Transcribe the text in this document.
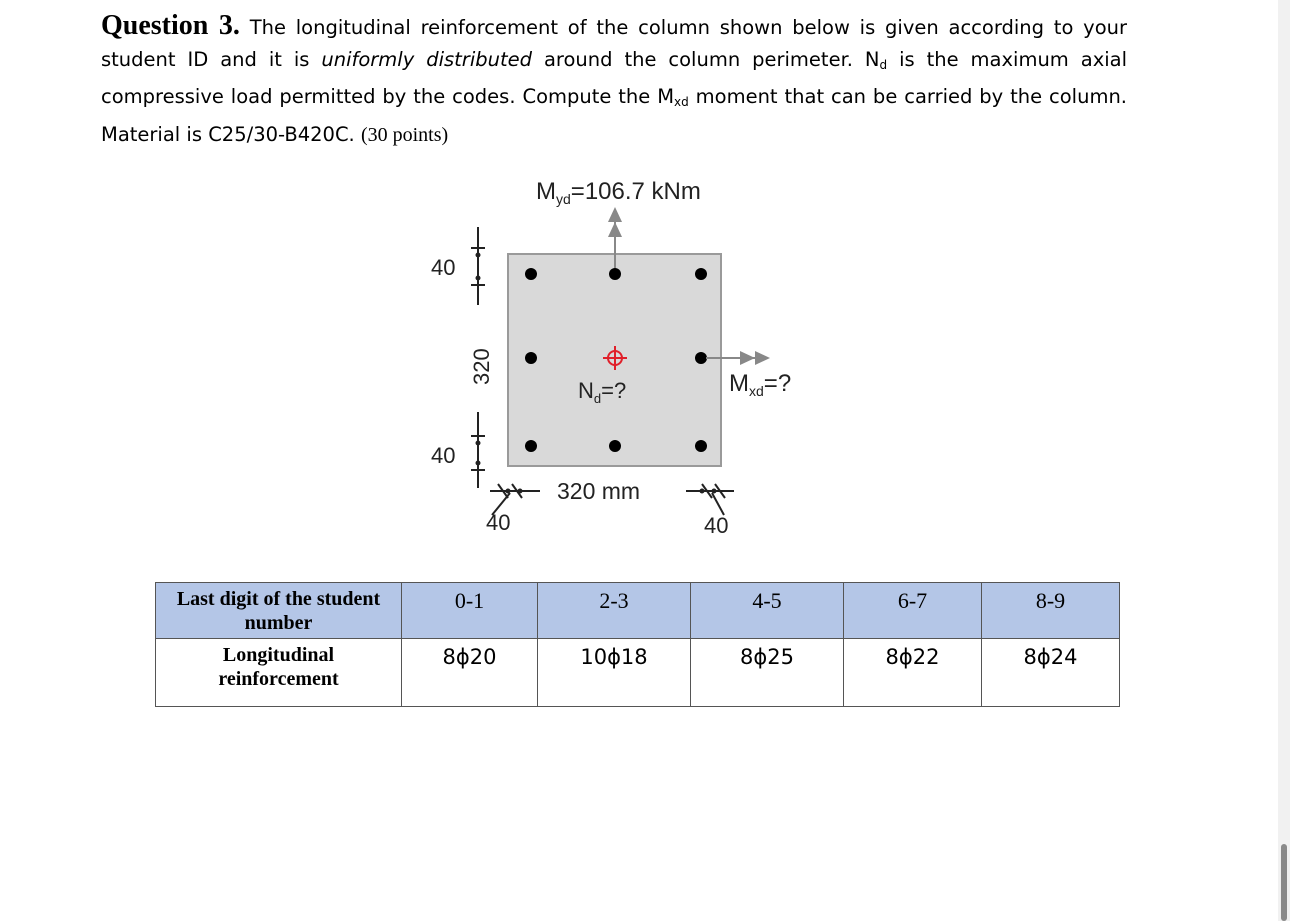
Question 3. The longitudinal reinforcement of the column shown below is given according to your student ID and it is uniformly distributed around the column perimeter. $N_d$ is the maximum axial compressive load permitted by the codes. Compute the $M_{xd}$ moment that can be carried by the column. Material is C25/30-B420C. (30 points)

$M_{yd}=106.7$ kNm
$N_d=$?	$M_{xd}=$?
40
40
320
320 mm
40	40
Last digit of the student
number	0-1	2-3	4-5	6-7	8-9
Longitudinal
reinforcement	8ϕ20	10ϕ18	8ϕ25	8ϕ22	8ϕ24
